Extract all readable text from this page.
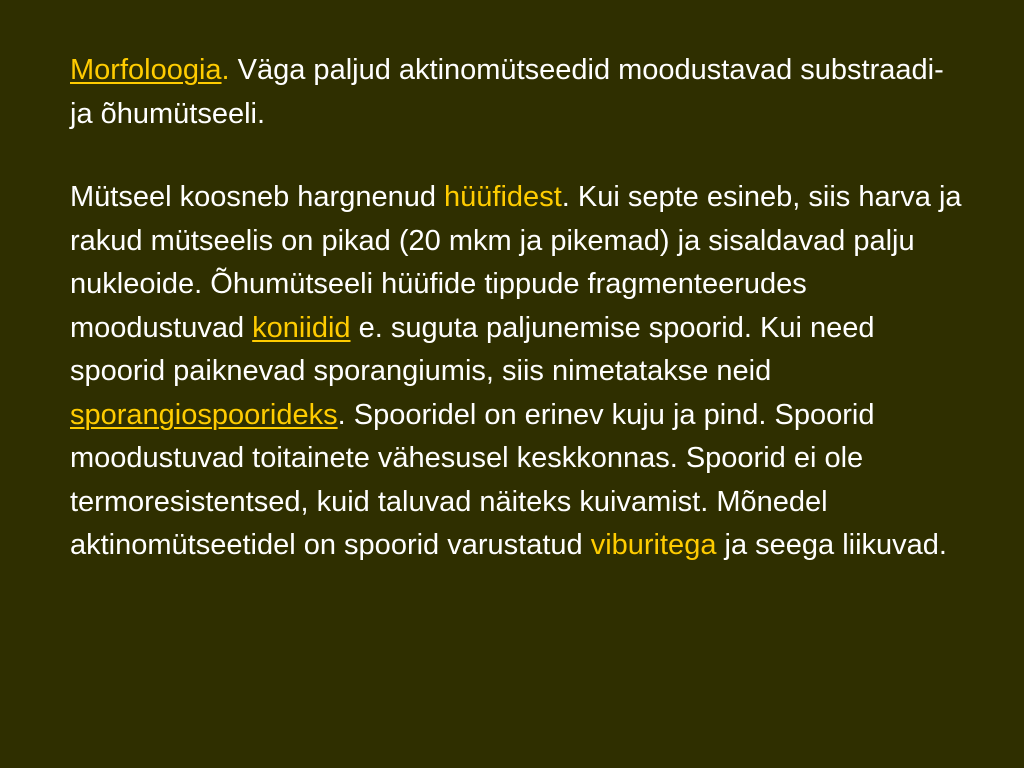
Morfoloogia. Väga paljud aktinomütseedid moodustavad substraadi- ja õhumütseeli.

Mütseel koosneb hargnenud hüüfidest. Kui septe esineb, siis harva ja rakud mütseelis on pikad (20 mkm ja pikemad) ja sisaldavad palju nukleoide. Õhumütseeli hüüfide tippude fragmenteerudes moodustuvad koniidid e. suguta paljunemise spoorid. Kui need spoorid paiknevad sporangiumis, siis nimetatakse neid sporangiospoorideks. Spooridel on erinev kuju ja pind. Spoorid moodustuvad toitainete vähesusel keskkonnas. Spoorid ei ole termoresistentsed, kuid taluvad näiteks kuivamist. Mõnedel aktinomütseetidel on spoorid varustatud viburitega ja seega liikuvad.
